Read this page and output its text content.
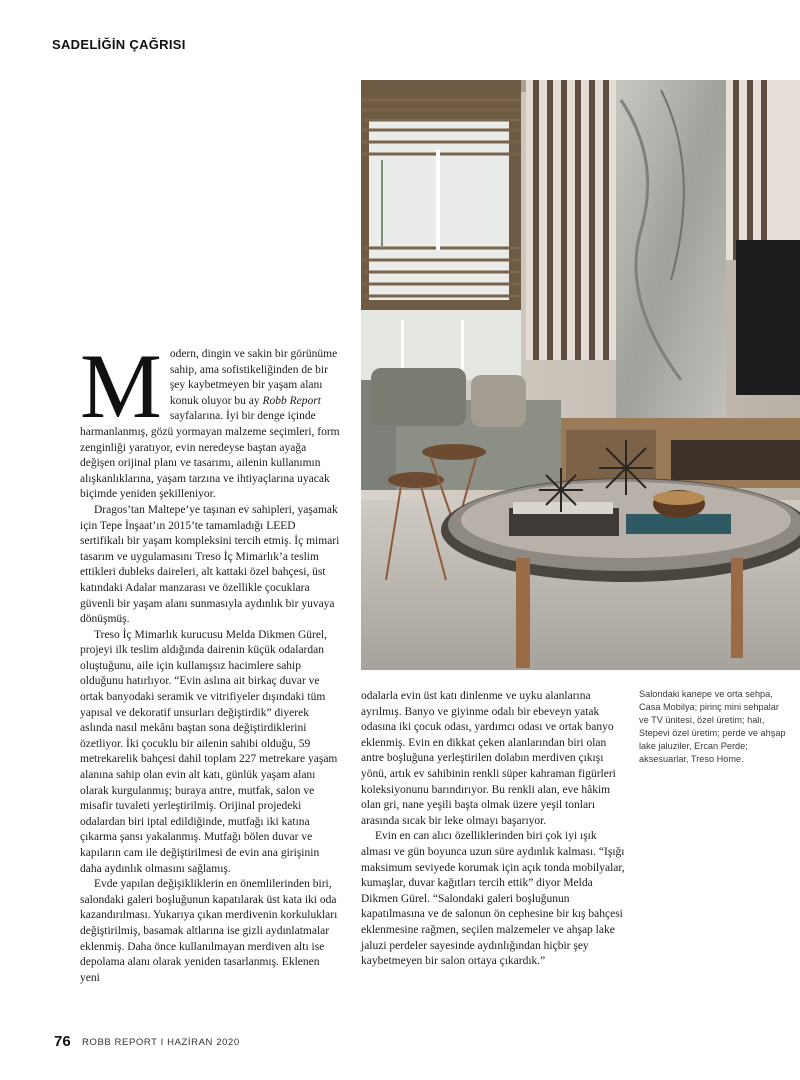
SADELİĞİN ÇAĞRISI

Modern, dingin ve sakin bir görünüme sahip, ama sofistikeliğinden de bir şey kaybetmeyen bir yaşam alanı konuk oluyor bu ay Robb Report sayfalarına. İyi bir denge içinde harmanlanmış, gözü yormayan malzeme seçimleri, form zenginliği yaratıyor, evin neredeyse baştan ayağa değişen orijinal planı ve tasarımı, ailenin kullanımın alışkanlıklarına, yaşam tarzına ve ihtiyaçlarına uyacak biçimde yeniden şekilleniyor.

Dragos’tan Maltepe’ye taşınan ev sahipleri, yaşamak için Tepe İnşaat’ın 2015’te tamamladığı LEED sertifikalı bir yaşam kompleksini tercih etmiş. İç mimari tasarım ve uygulamasını Treso İç Mimarlık’a teslim ettikleri dubleks daireleri, alt kattaki özel bahçesi, üst katındaki Adalar manzarası ve özellikle çocuklara güvenli bir yaşam alanı sunmasıyla aydınlık bir yuvaya dönüşmüş.

Treso İç Mimarlık kurucusu Melda Dikmen Gürel, projeyi ilk teslim aldığında dairenin küçük odalardan oluştuğunu, aile için kullanışsız hacimlere sahip olduğunu hatırlıyor. “Evin aslına ait birkaç duvar ve ortak banyodaki seramik ve vitrifiyeler dışındaki tüm yapısal ve dekoratif unsurları değiştirdik” diyerek aslında nasıl mekânı baştan sona değiştirdiklerini özetliyor. İki çocuklu bir ailenin sahibi olduğu, 59 metrekarelik bahçesi dahil toplam 227 metrekare yaşam alanına sahip olan evin alt katı, günlük yaşam alanı olarak kurgulanmış; buraya antre, mutfak, salon ve misafir tuvaleti yerleştirilmiş. Orijinal projedeki odalardan biri iptal edildiğinde, mutfağı iki katına çıkarma şansı yakalanmış. Mutfağı bölen duvar ve kapıların cam ile değiştirilmesi de evin ana girişinin daha aydınlık olmasını sağlamış.

Evde yapılan değişikliklerin en önemlilerinden biri, salondaki galeri boşluğunun kapatılarak üst kata iki oda kazandırılması. Yukarıya çıkan merdivenin korkulukları değiştirilmiş, basamak altlarına ise gizli aydınlatmalar eklenmiş. Daha önce kullanılmayan merdiven altı ise depolama alanı olarak yeniden tasarlanmış. Eklenen yeni

odalarla evin üst katı dinlenme ve uyku alanlarına ayrılmış. Banyo ve giyinme odalı bir ebeveyn yatak odasına iki çocuk odası, yardımcı odası ve ortak banyo eklenmiş. Evin en dikkat çeken alanlarından biri olan antre boşluğuna yerleştirilen dolabın merdiven çıkışı yönü, artık ev sahibinin renkli süper kahraman figürleri koleksiyonunu barındırıyor. Bu renkli alan, eve hâkim olan gri, nane yeşili başta olmak üzere yeşil tonları arasında sıcak bir leke olmayı başarıyor.

Evin en can alıcı özelliklerinden biri çok iyi ışık alması ve gün boyunca uzun süre aydınlık kalması. “Işığı maksimum seviyede korumak için açık tonda mobilyalar, kumaşlar, duvar kağıtları tercih ettik” diyor Melda Dikmen Gürel. “Salondaki galeri boşluğunun kapatılmasına ve de salonun ön cephesine bir kış bahçesi eklenmesine rağmen, seçilen malzemeler ve ahşap lake jaluzi perdeler sayesinde aydınlığından hiçbir şey kaybetmeyen bir salon ortaya çıkardık.”

Salondaki kanepe ve orta sehpa, Casa Mobilya; pirinç mini sehpalar ve TV ünitesi, özel üretim; halı, Stepevi özel üretim; perde ve ahşap lake jaluziler, Ercan Perde; aksesuarlar, Treso Home.
76 ROBB REPORT I HAZİRAN 2020
